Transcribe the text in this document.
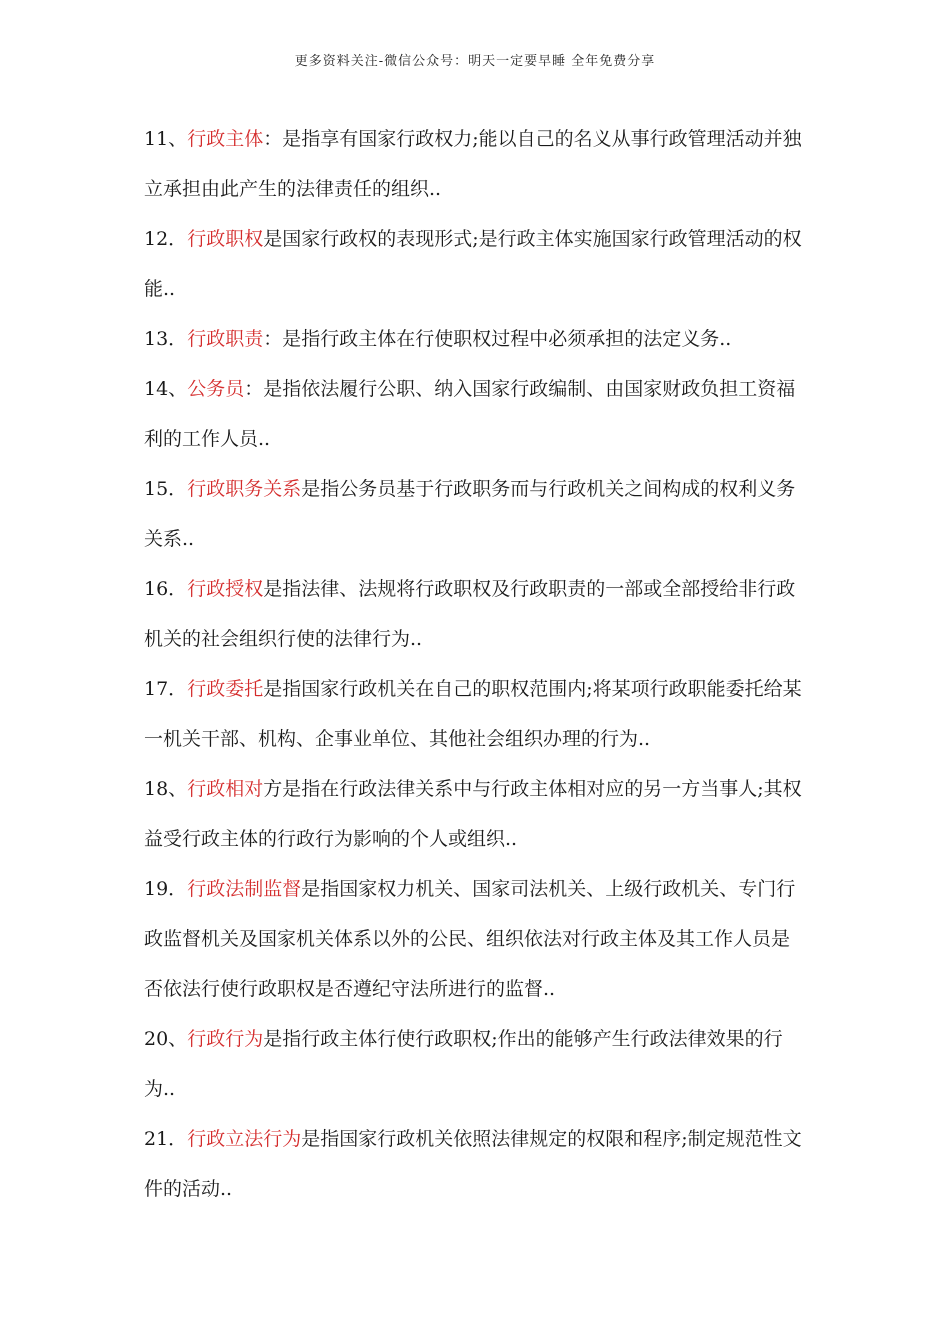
更多资料关注-微信公众号：明天一定要早睡 全年免费分享
11、行政主体：是指享有国家行政权力;能以自己的名义从事行政管理活动并独立承担由此产生的法律责任的组织..
12．行政职权是国家行政权的表现形式;是行政主体实施国家行政管理活动的权能..
13．行政职责：是指行政主体在行使职权过程中必须承担的法定义务..
14、公务员：是指依法履行公职、纳入国家行政编制、由国家财政负担工资福利的工作人员..
15．行政职务关系是指公务员基于行政职务而与行政机关之间构成的权利义务关系..
16．行政授权是指法律、法规将行政职权及行政职责的一部或全部授给非行政机关的社会组织行使的法律行为..
17．行政委托是指国家行政机关在自己的职权范围内;将某项行政职能委托给某一机关干部、机构、企事业单位、其他社会组织办理的行为..
18、行政相对方是指在行政法律关系中与行政主体相对应的另一方当事人;其权益受行政主体的行政行为影响的个人或组织..
19．行政法制监督是指国家权力机关、国家司法机关、上级行政机关、专门行政监督机关及国家机关体系以外的公民、组织依法对行政主体及其工作人员是否依法行使行政职权是否遵纪守法所进行的监督..
20、行政行为是指行政主体行使行政职权;作出的能够产生行政法律效果的行为..
21．行政立法行为是指国家行政机关依照法律规定的权限和程序;制定规范性文件的活动..
